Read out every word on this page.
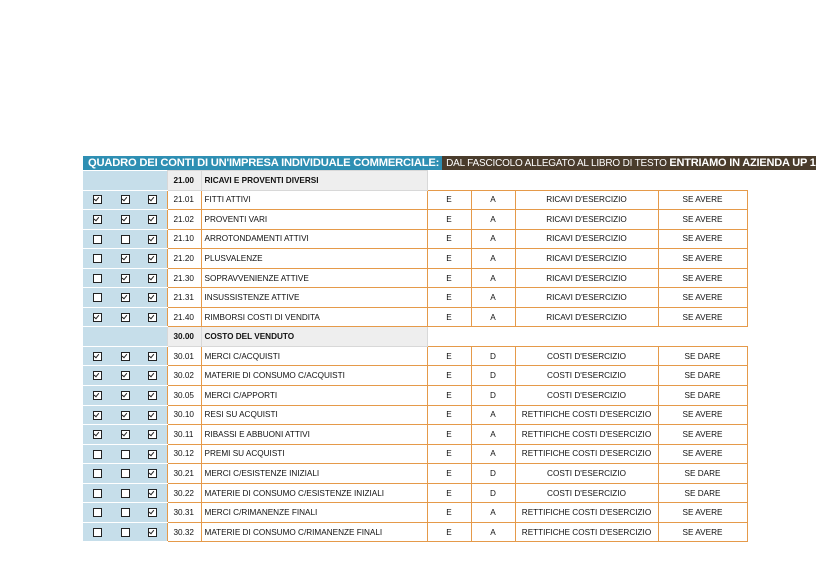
QUADRO DEI CONTI DI UN'IMPRESA INDIVIDUALE COMMERCIALE: DAL FASCICOLO ALLEGATO AL LIBRO DI TESTO ENTRIAMO IN AZIENDA UP 1
			21.00	RICAVI E PROVENTI DIVERSI				
			21.01	FITTI ATTIVI	E	A	RICAVI D'ESERCIZIO	SE AVERE
			21.02	PROVENTI VARI	E	A	RICAVI D'ESERCIZIO	SE AVERE
			21.10	ARROTONDAMENTI ATTIVI	E	A	RICAVI D'ESERCIZIO	SE AVERE
			21.20	PLUSVALENZE	E	A	RICAVI D'ESERCIZIO	SE AVERE
			21.30	SOPRAVVENIENZE ATTIVE	E	A	RICAVI D'ESERCIZIO	SE AVERE
			21.31	INSUSSISTENZE ATTIVE	E	A	RICAVI D'ESERCIZIO	SE AVERE
			21.40	RIMBORSI COSTI DI VENDITA	E	A	RICAVI D'ESERCIZIO	SE AVERE
			30.00	COSTO DEL VENDUTO				
			30.01	MERCI C/ACQUISTI	E	D	COSTI D'ESERCIZIO	SE DARE
			30.02	MATERIE DI CONSUMO C/ACQUISTI	E	D	COSTI D'ESERCIZIO	SE DARE
			30.05	MERCI C/APPORTI	E	D	COSTI D'ESERCIZIO	SE DARE
			30.10	RESI SU ACQUISTI	E	A	RETTIFICHE COSTI D'ESERCIZIO	SE AVERE
			30.11	RIBASSI E ABBUONI ATTIVI	E	A	RETTIFICHE COSTI D'ESERCIZIO	SE AVERE
			30.12	PREMI SU ACQUISTI	E	A	RETTIFICHE COSTI D'ESERCIZIO	SE AVERE
			30.21	MERCI C/ESISTENZE INIZIALI	E	D	COSTI D'ESERCIZIO	SE DARE
			30.22	MATERIE DI CONSUMO C/ESISTENZE INIZIALI	E	D	COSTI D'ESERCIZIO	SE DARE
			30.31	MERCI C/RIMANENZE FINALI	E	A	RETTIFICHE COSTI D'ESERCIZIO	SE AVERE
			30.32	MATERIE DI CONSUMO C/RIMANENZE FINALI	E	A	RETTIFICHE COSTI D'ESERCIZIO	SE AVERE
